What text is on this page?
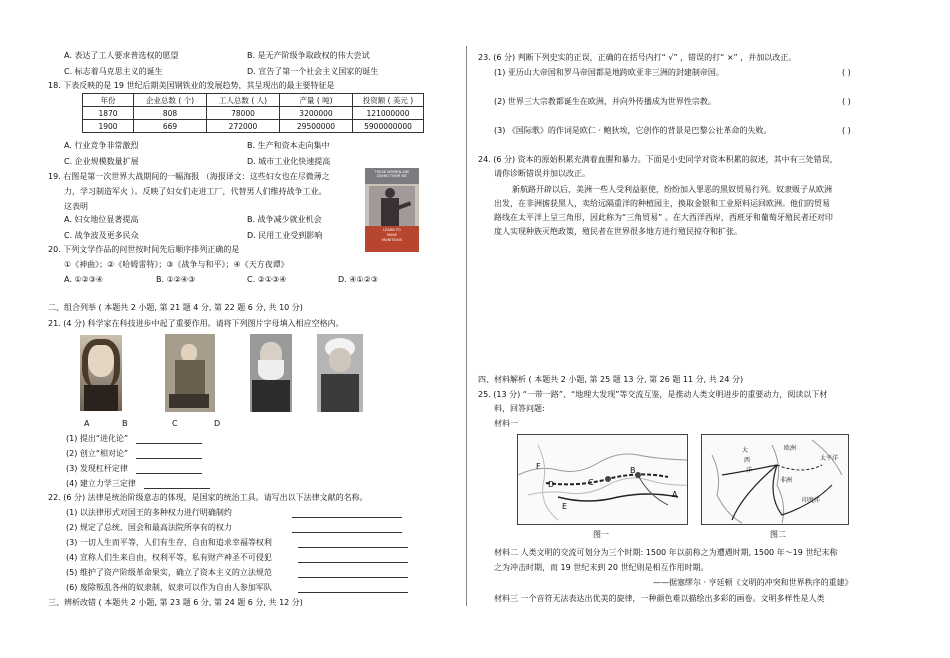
A. 表达了工人要求普选权的愿望	B. 是无产阶级争取政权的伟大尝试
C. 标志着马克思主义的诞生	D. 宣告了第一个社会主义国家的诞生
18. 下表反映的是 19 世纪后期美国钢铁业的发展趋势，其呈现出的最主要特征是
年份	企业总数 ( 个)	工人总数 ( 人)	产量 ( 吨)	投资额 ( 美元 )
1870	808	78000	3200000	121000000
1900	669	272000	29500000	5900000000
A. 行业竞争非常激烈	B. 生产和资本走向集中
C. 企业规模数量扩展	D. 城市工业化快速提高
19. 右图是第一次世界大战期间的一幅海报 （海报译文：这些妇女也在尽微薄之
力，学习制造军火 ）。反映了妇女们走进工厂，代替男人们维持战争工业。
这表明
A. 妇女地位显著提高	B. 战争减少就业机会
C. 战争波及更多民众	D. 民用工业受到影响
THESE WOMEN ARE
DOING THEIR BIT
LEARN TO
MAKE
MUNITIONS
20. 下列文学作品的问世按时间先后顺序排列正确的是
①《神曲》；②《哈姆雷特》；③《战争与和平》；④《天方夜谭》
A. ①②③④	B. ①②④③	C. ②①③④	D. ④①②③
二、组合列举 ( 本题共 2 小题, 第 21 题 4 分, 第 22 题 6 分, 共 10 分)
21. (4 分) 科学家在科技进步中起了重要作用。请将下列图片字母填入相应空格内。
A	B	C	D
(1) 提出“进化论”
(2) 创立“相对论”
(3) 发现杠杆定律
(4) 建立力学三定律
22. (6 分) 法律是统治阶级意志的体现，是国家的统治工具。请写出以下法律文献的名称。
(1) 以法律形式对国王的多种权力进行明确制约
(2) 规定了总统、国会和最高法院所享有的权力
(3) 一切人生而平等，人们有生存、自由和追求幸福等权利
(4) 宣称人们生来自由，权利平等，私有财产神圣不可侵犯
(5) 维护了资产阶级革命果实，确立了资本主义的立法规范
(6) 废除叛乱各州的奴隶制，奴隶可以作为自由人参加军队
三、辨析改错 ( 本题共 2 小题, 第 23 题 6 分, 第 24 题 6 分, 共 12 分)
23. (6 分) 判断下列史实的正误，正确的在括号内打“ √” ，错误的打“ ×” ，并加以改正。
(1) 亚历山大帝国和罗马帝国都是地跨欧亚非三洲的封建制帝国。	( )
(2) 世界三大宗教都诞生在欧洲，并向外传播成为世界性宗教。	( )
(3) 《国际歌》的作词是欧仁 · 鲍狄埃，它创作的背景是巴黎公社革命的失败。	( )
24. (6 分) 资本的原始积累充满着血腥和暴力。下面是小史同学对资本积累的叙述，其中有三处错误，
请你诊断错误并加以改正。
新航路开辟以后，美洲一些人受利益驱使，纷纷加入罪恶的黑奴贸易行列。奴隶贩子从欧洲
出发，在非洲掳获黑人，卖给远隔重洋的种植园主，换取金银和工业原料运回欧洲。他们的贸易
路线在太平洋上呈三角形，因此称为“三角贸易” 。在大西洋西岸，西班牙和葡萄牙殖民者还对印
度人实现种族灭绝政策，殖民者在世界很多地方进行殖民掠夺和扩张。
四、材料解析 ( 本题共 2 小题, 第 25 题 13 分, 第 26 题 11 分, 共 24 分)
25. (13 分) “一带一路”、“地理大发现”等交流互鉴，是推动人类文明进步的重要动力，阅读以下材
料，回答问题:
材料一
F
D	C
B
E
A
图一
大
西
洋
欧洲
非洲
太平洋
印度洋
图二
材料二 人类文明的交流可划分为三个时期: 1500 年以前称之为遭遇时期, 1500 年～19 世纪末称
之为冲击时期，而 19 世纪末到 20 世纪则是相互作用时期。
——据塞缪尔 · 亨廷顿《文明的冲突和世界秩序的重建》
材料三 一个音符无法表达出优美的旋律，一种颜色难以描绘出多彩的画卷。文明多样性是人类
